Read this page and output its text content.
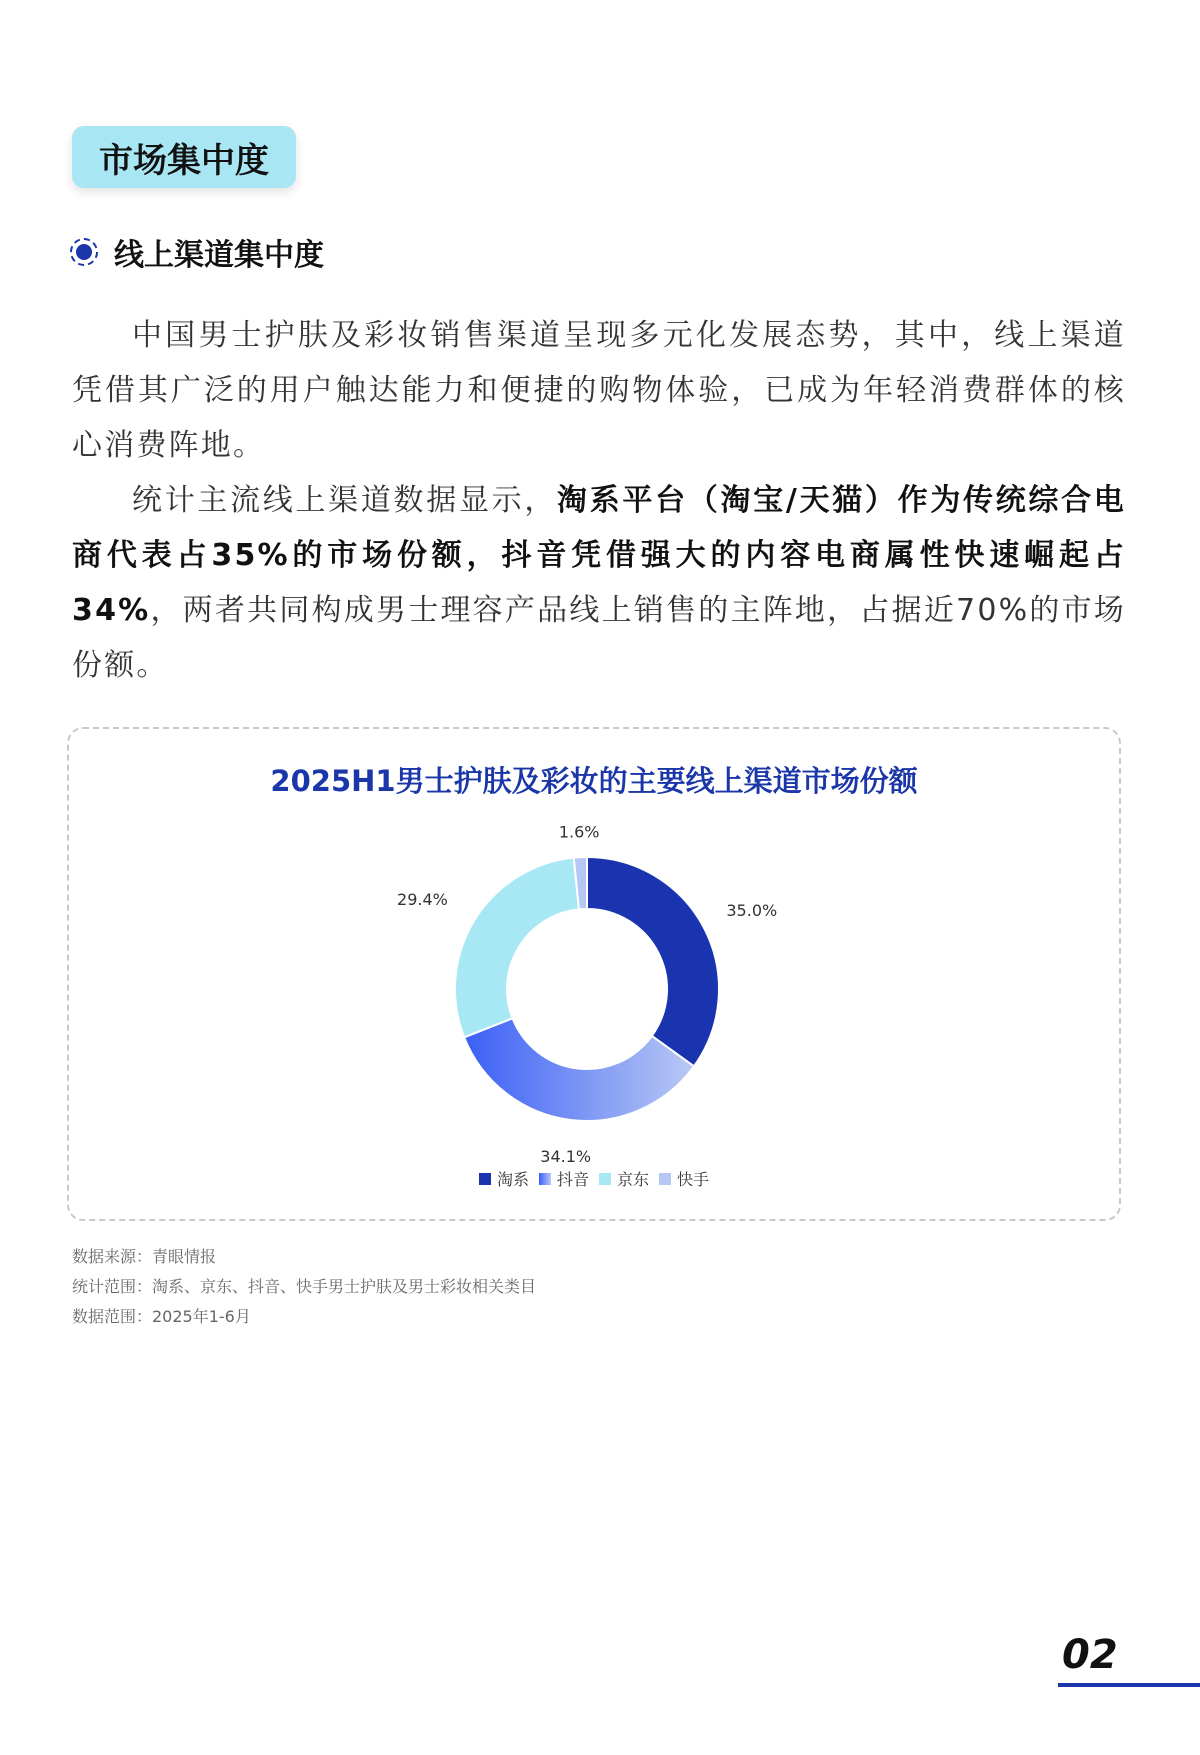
市场集中度
线上渠道集中度

中国男士护肤及彩妆销售渠道呈现多元化发展态势，其中，线上渠道凭借其广泛的用户触达能力和便捷的购物体验，已成为年轻消费群体的核心消费阵地。

统计主流线上渠道数据显示，淘系平台（淘宝/天猫）作为传统综合电商代表占35%的市场份额，抖音凭借强大的内容电商属性快速崛起占34%，两者共同构成男士理容产品线上销售的主阵地，占据近70%的市场份额。

2025H1男士护肤及彩妆的主要线上渠道市场份额
35.0%
34.1%
29.4%
1.6%
淘系 抖音 京东 快手
数据来源：青眼情报
统计范围：淘系、京东、抖音、快手男士护肤及男士彩妆相关类目
数据范围：2025年1-6月
02
